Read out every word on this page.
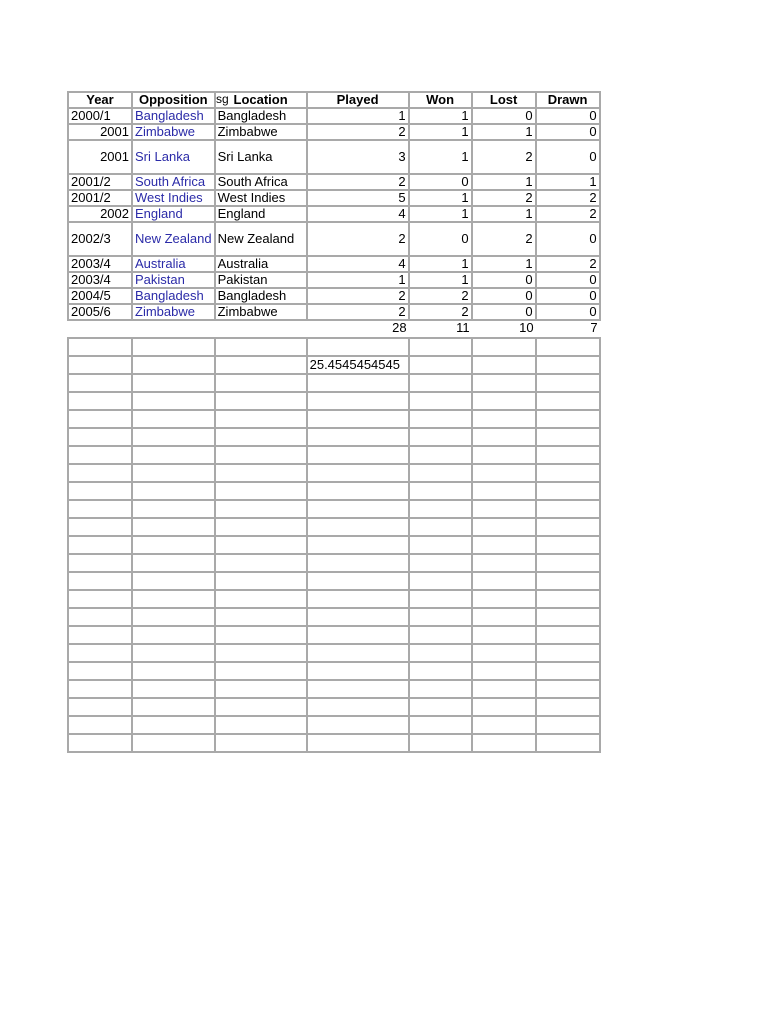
sg
Year	Opposition	Location	Played	Won	Lost	Drawn
2000/1	Bangladesh	Bangladesh	1	1	0	0
2001	Zimbabwe	Zimbabwe	2	1	1	0
2001	Sri Lanka	Sri Lanka	3	1	2	0
2001/2	South Africa	South Africa	2	0	1	1
2001/2	West Indies	West Indies	5	1	2	2
2002	England	England	4	1	1	2
2002/3	New Zealand	New Zealand	2	0	2	0
2003/4	Australia	Australia	4	1	1	2
2003/4	Pakistan	Pakistan	1	1	0	0
2004/5	Bangladesh	Bangladesh	2	2	0	0
2005/6	Zimbabwe	Zimbabwe	2	2	0	0
			28	11	10	7

			25.4545454545			
